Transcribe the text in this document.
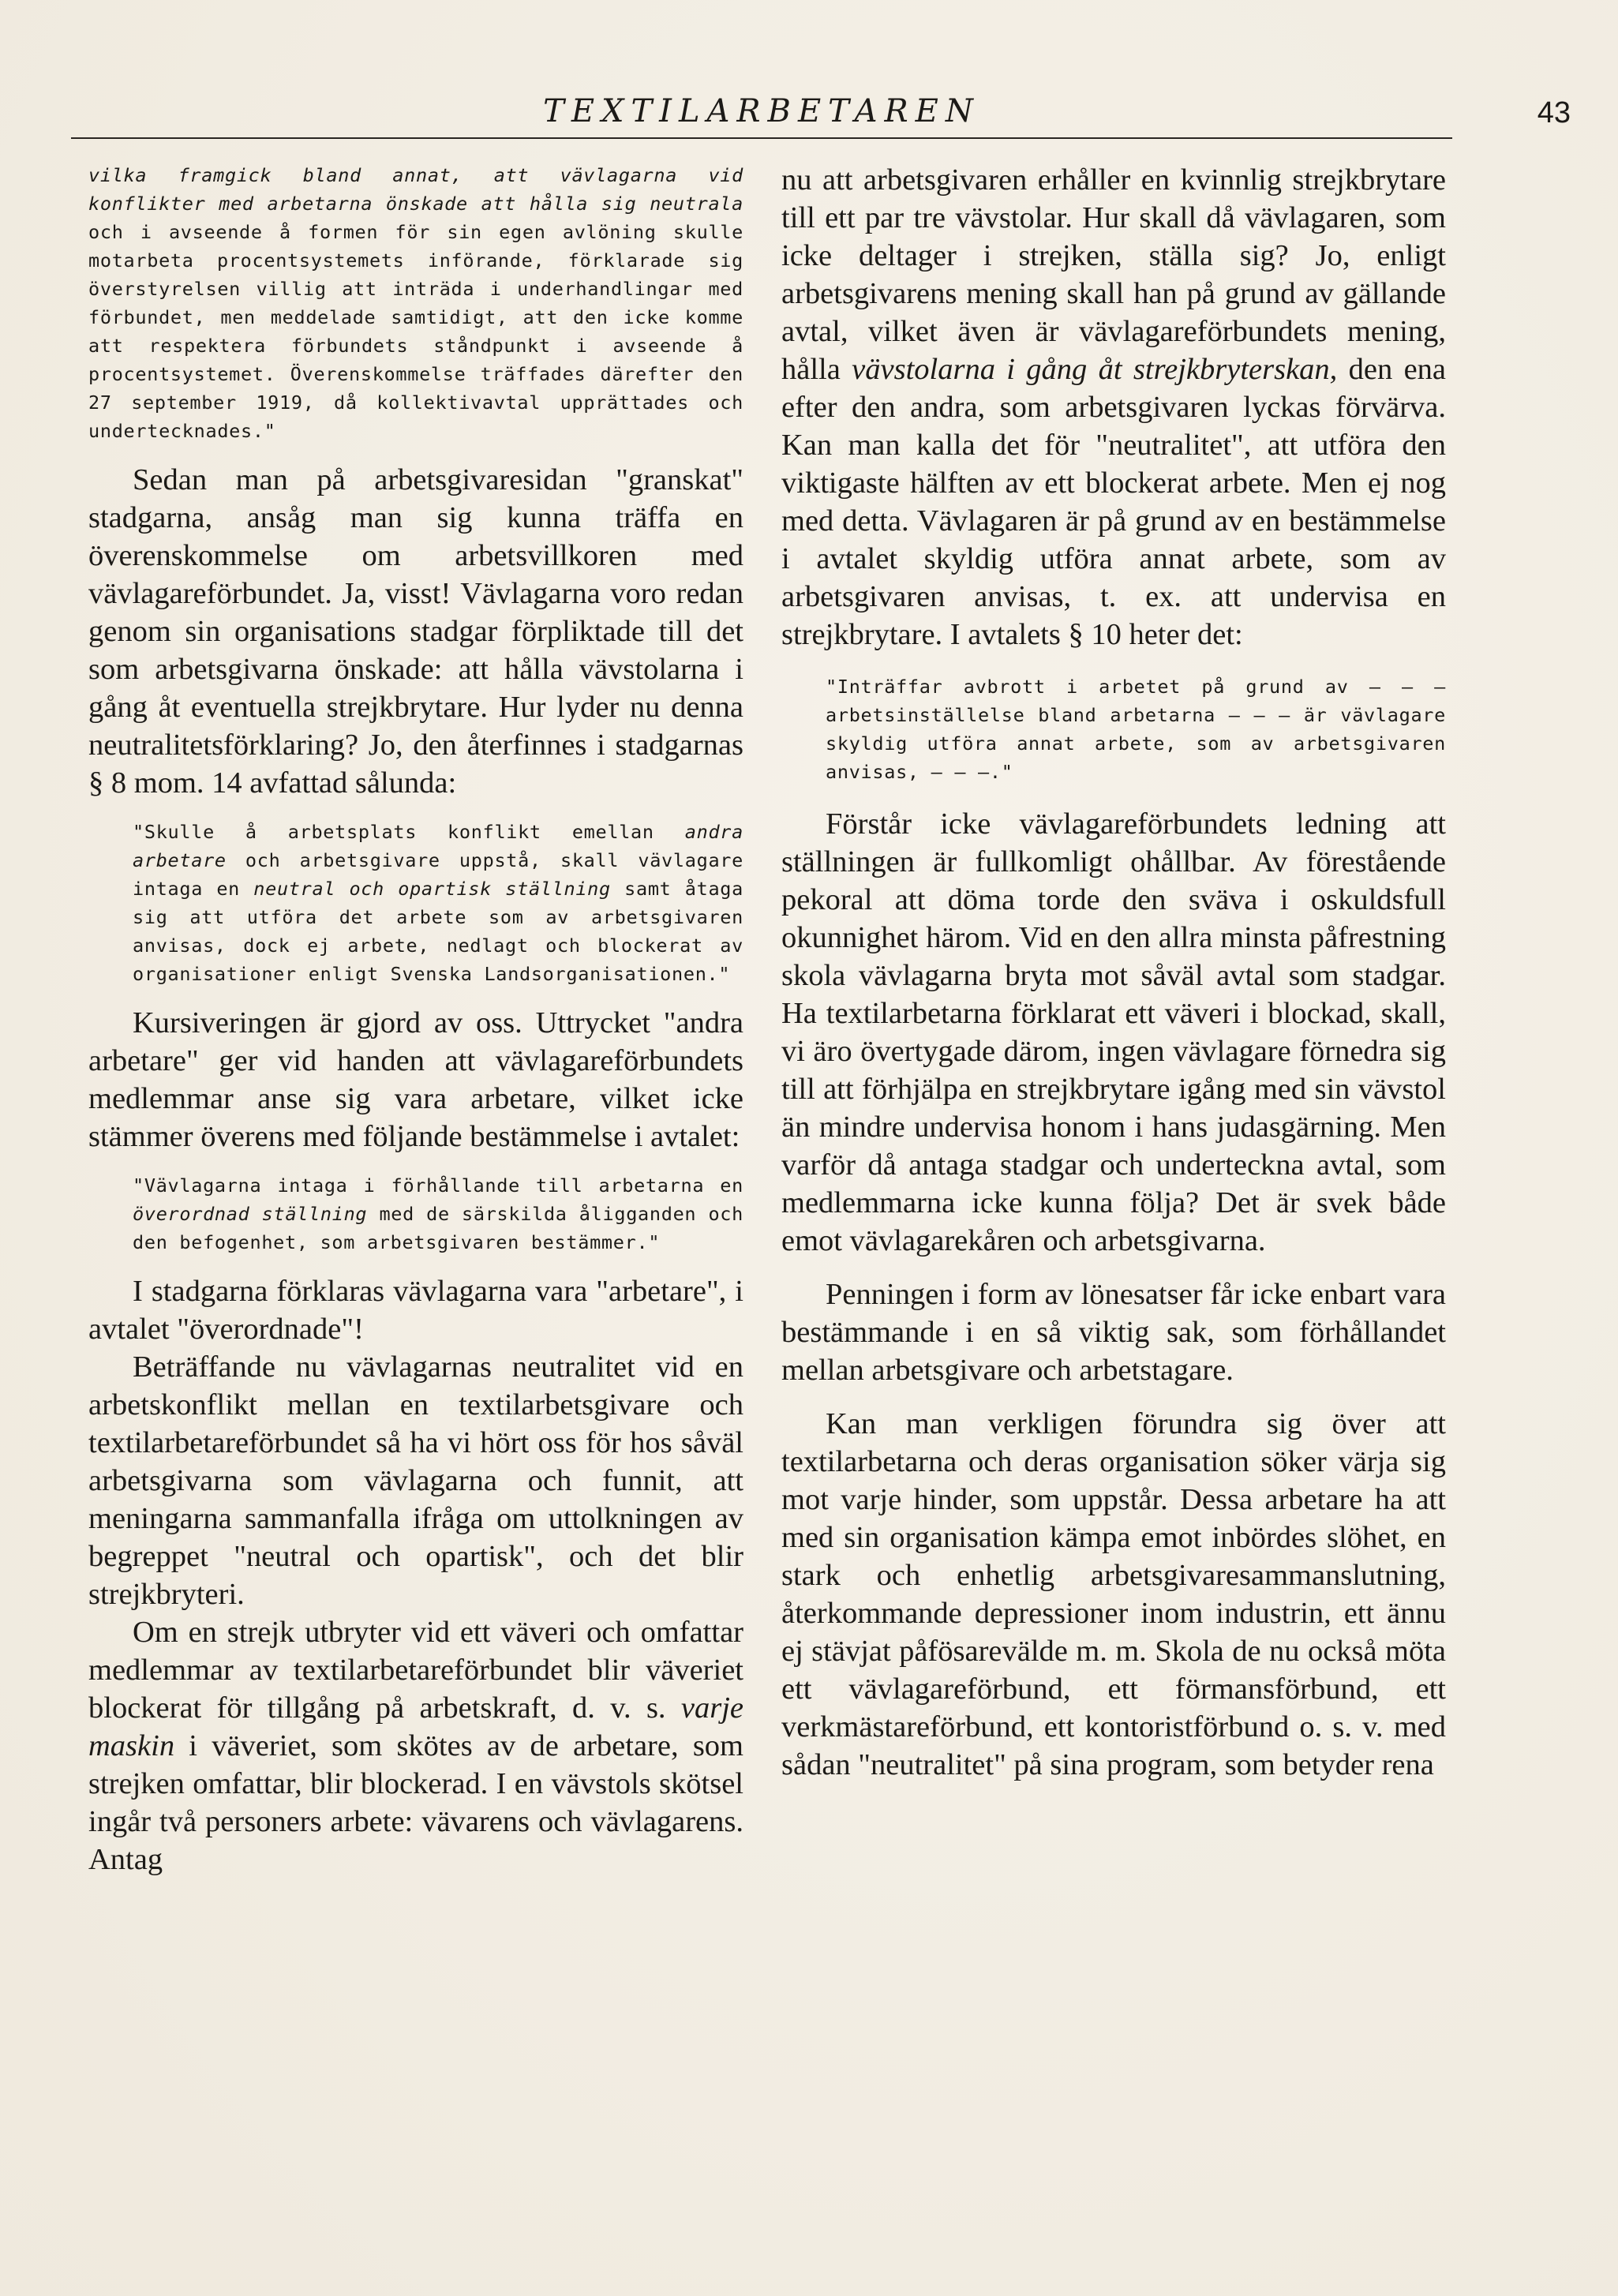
TEXTILARBETAREN	43

vilka framgick bland annat, att vävlagarna vid konflikter med arbetarna önskade att hålla sig neutrala och i avseende å formen för sin egen avlöning skulle motarbeta procentsystemets införande, förklarade sig överstyrelsen villig att inträda i underhandlingar med förbundet, men meddelade samtidigt, att den icke komme att respektera förbundets ståndpunkt i avseende å procentsystemet. Överenskommelse träffades därefter den 27 september 1919, då kollektivavtal upprättades och undertecknades."

Sedan man på arbetsgivaresidan "granskat" stadgarna, ansåg man sig kunna träffa en överenskommelse om arbetsvillkoren med vävlagareförbundet. Ja, visst! Vävlagarna voro redan genom sin organisations stadgar förpliktade till det som arbetsgivarna önskade: att hålla vävstolarna i gång åt eventuella strejkbrytare. Hur lyder nu denna neutralitetsförklaring? Jo, den återfinnes i stadgarnas § 8 mom. 14 avfattad sålunda:

"Skulle å arbetsplats konflikt emellan andra arbetare och arbetsgivare uppstå, skall vävlagare intaga en neutral och opartisk ställning samt åtaga sig att utföra det arbete som av arbetsgivaren anvisas, dock ej arbete, nedlagt och blockerat av organisationer enligt Svenska Landsorganisationen."

Kursiveringen är gjord av oss. Uttrycket "andra arbetare" ger vid handen att vävlagareförbundets medlemmar anse sig vara arbetare, vilket icke stämmer överens med följande bestämmelse i avtalet:

"Vävlagarna intaga i förhållande till arbetarna en överordnad ställning med de särskilda åligganden och den befogenhet, som arbetsgivaren bestämmer."

I stadgarna förklaras vävlagarna vara "arbetare", i avtalet "överordnade"!

Beträffande nu vävlagarnas neutralitet vid en arbetskonflikt mellan en textilarbetsgivare och textilarbetareförbundet så ha vi hört oss för hos såväl arbetsgivarna som vävlagarna och funnit, att meningarna sammanfalla ifråga om uttolkningen av begreppet "neutral och opartisk", och det blir strejkbryteri.

Om en strejk utbryter vid ett väveri och omfattar medlemmar av textilarbetareförbundet blir väveriet blockerat för tillgång på arbetskraft, d. v. s. varje maskin i väveriet, som skötes av de arbetare, som strejken omfattar, blir blockerad. I en vävstols skötsel ingår två personers arbete: vävarens och vävlagarens. Antag

nu att arbetsgivaren erhåller en kvinnlig strejkbrytare till ett par tre vävstolar. Hur skall då vävlagaren, som icke deltager i strejken, ställa sig? Jo, enligt arbetsgivarens mening skall han på grund av gällande avtal, vilket även är vävlagareförbundets mening, hålla vävstolarna i gång åt strejkbryterskan, den ena efter den andra, som arbetsgivaren lyckas förvärva. Kan man kalla det för "neutralitet", att utföra den viktigaste hälften av ett blockerat arbete. Men ej nog med detta. Vävlagaren är på grund av en bestämmelse i avtalet skyldig utföra annat arbete, som av arbetsgivaren anvisas, t. ex. att undervisa en strejkbrytare. I avtalets § 10 heter det:

"Inträffar avbrott i arbetet på grund av — — — arbetsinställelse bland arbetarna — — — är vävlagare skyldig utföra annat arbete, som av arbetsgivaren anvisas, — — —."

Förstår icke vävlagareförbundets ledning att ställningen är fullkomligt ohållbar. Av förestående pekoral att döma torde den sväva i oskuldsfull okunnighet härom. Vid en den allra minsta påfrestning skola vävlagarna bryta mot såväl avtal som stadgar. Ha textilarbetarna förklarat ett väveri i blockad, skall, vi äro övertygade därom, ingen vävlagare förnedra sig till att förhjälpa en strejkbrytare igång med sin vävstol än mindre undervisa honom i hans judasgärning. Men varför då antaga stadgar och underteckna avtal, som medlemmarna icke kunna följa? Det är svek både emot vävlagarekåren och arbetsgivarna.

Penningen i form av lönesatser får icke enbart vara bestämmande i en så viktig sak, som förhållandet mellan arbetsgivare och arbetstagare.

Kan man verkligen förundra sig över att textilarbetarna och deras organisation söker värja sig mot varje hinder, som uppstår. Dessa arbetare ha att med sin organisation kämpa emot inbördes slöhet, en stark och enhetlig arbetsgivaresammanslutning, återkommande depressioner inom industrin, ett ännu ej stävjat påfösarevälde m. m. Skola de nu också möta ett vävlagareförbund, ett förmansförbund, ett verkmästareförbund, ett kontoristförbund o. s. v. med sådan "neutralitet" på sina program, som betyder rena
